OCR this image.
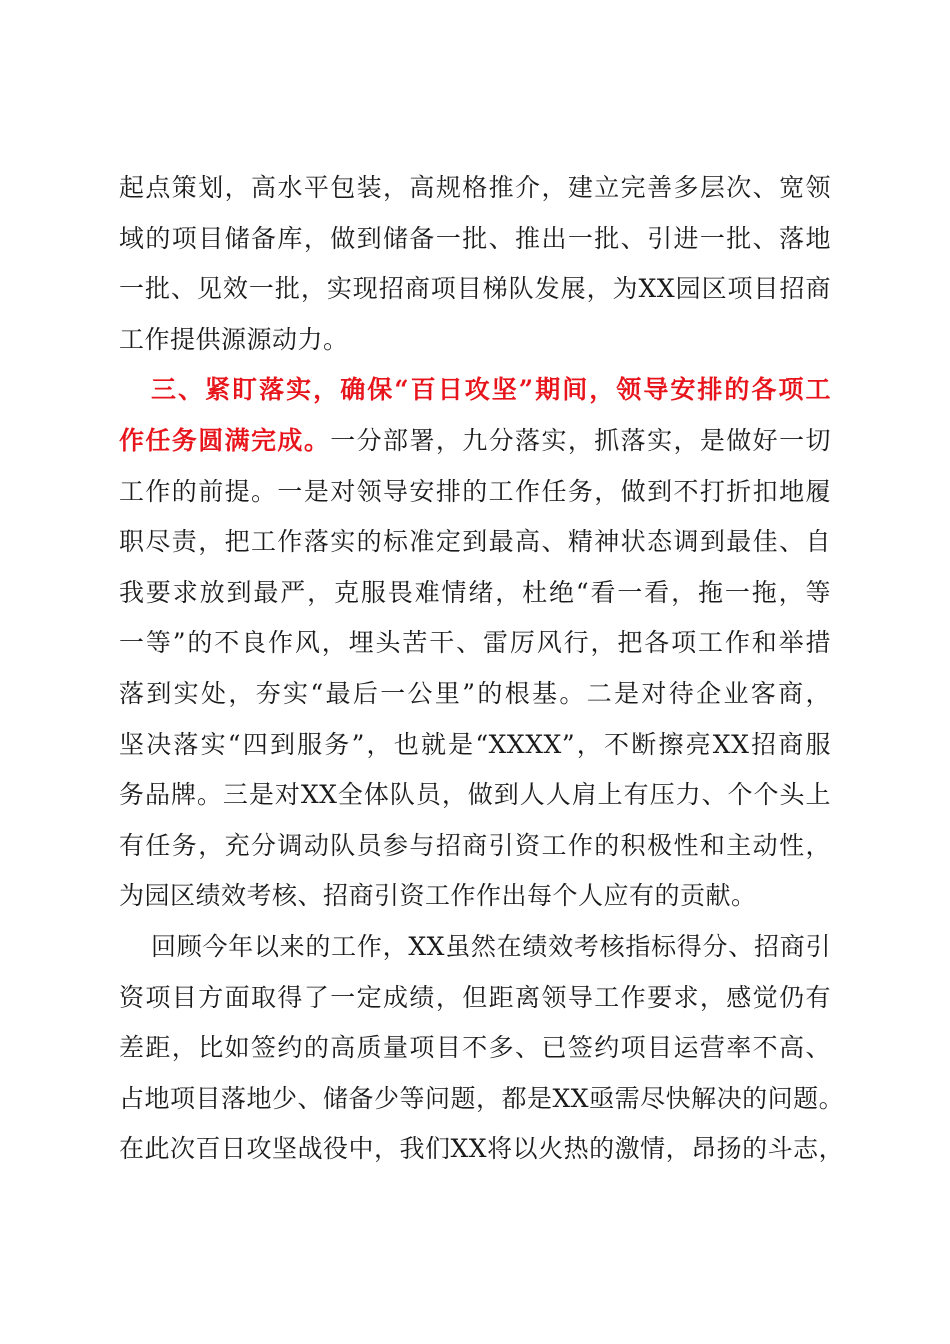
起点策划，高水平包装，高规格推介，建立完善多层次、宽领
域的项目储备库，做到储备一批、推出一批、引进一批、落地
一批、见效一批，实现招商项目梯队发展，为XX园区项目招商
工作提供源源动力。
三、紧盯落实，确保“百日攻坚”期间，领导安排的各项工
作任务圆满完成。一分部署，九分落实，抓落实，是做好一切
工作的前提。一是对领导安排的工作任务，做到不打折扣地履
职尽责，把工作落实的标准定到最高、精神状态调到最佳、自
我要求放到最严，克服畏难情绪，杜绝“看一看，拖一拖，等
一等”的不良作风，埋头苦干、雷厉风行，把各项工作和举措
落到实处，夯实“最后一公里”的根基。二是对待企业客商，
坚决落实“四到服务”，也就是“XXXX”，不断擦亮XX招商服
务品牌。三是对XX全体队员，做到人人肩上有压力、个个头上
有任务，充分调动队员参与招商引资工作的积极性和主动性，
为园区绩效考核、招商引资工作作出每个人应有的贡献。
回顾今年以来的工作，XX虽然在绩效考核指标得分、招商引
资项目方面取得了一定成绩，但距离领导工作要求，感觉仍有
差距，比如签约的高质量项目不多、已签约项目运营率不高、
占地项目落地少、储备少等问题，都是XX亟需尽快解决的问题。
在此次百日攻坚战役中，我们XX将以火热的激情，昂扬的斗志，
